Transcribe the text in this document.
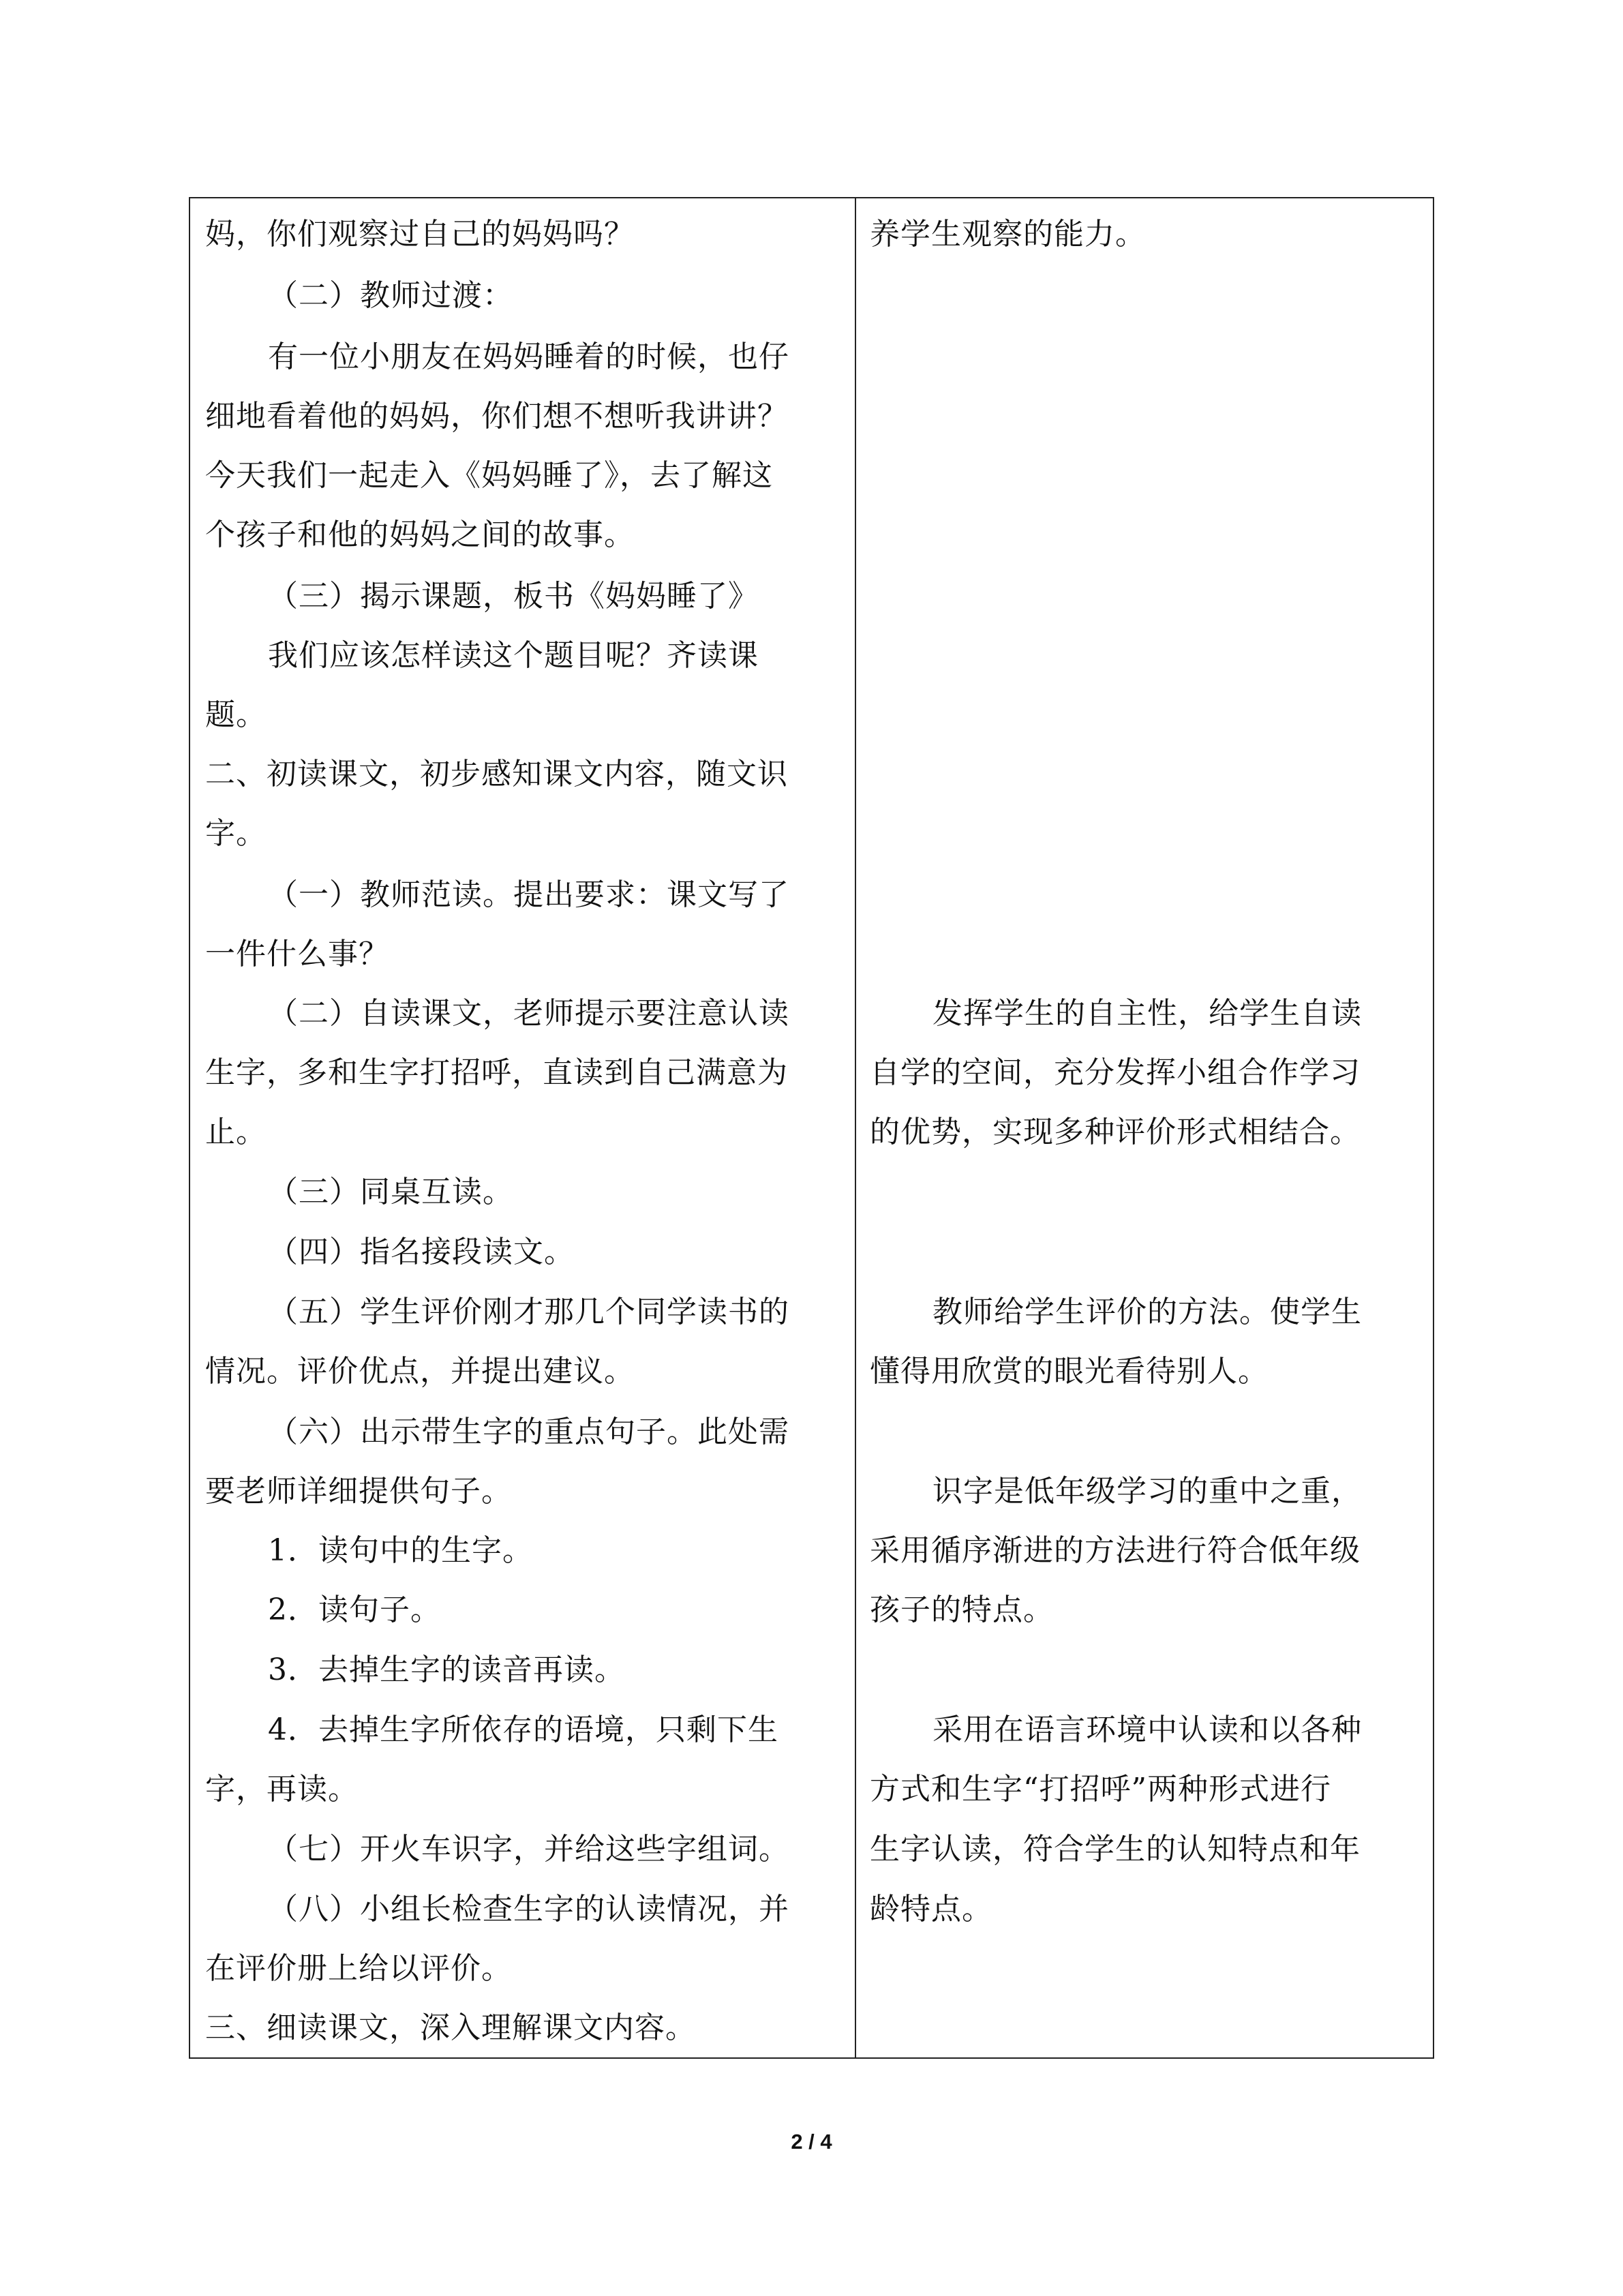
妈，你们观察过自己的妈妈吗？
（二）教师过渡：
有一位小朋友在妈妈睡着的时候，也仔
细地看着他的妈妈，你们想不想听我讲讲？
今天我们一起走入《妈妈睡了》，去了解这
个孩子和他的妈妈之间的故事。
（三）揭示课题，板书《妈妈睡了》
我们应该怎样读这个题目呢？齐读课
题。
二、初读课文，初步感知课文内容，随文识
字。
（一）教师范读。提出要求：课文写了
一件什么事？
（二）自读课文，老师提示要注意认读
生字，多和生字打招呼，直读到自己满意为
止。
（三）同桌互读。
（四）指名接段读文。
（五）学生评价刚才那几个同学读书的
情况。评价优点，并提出建议。
（六）出示带生字的重点句子。此处需
要老师详细提供句子。
1．读句中的生字。
2．读句子。
3．去掉生字的读音再读。
4．去掉生字所依存的语境，只剩下生
字，再读。
（七）开火车识字，并给这些字组词。
（八）小组长检查生字的认读情况，并
在评价册上给以评价。
三、细读课文，深入理解课文内容。
养学生观察的能力。
发挥学生的自主性，给学生自读
自学的空间，充分发挥小组合作学习
的优势，实现多种评价形式相结合。
教师给学生评价的方法。使学生
懂得用欣赏的眼光看待别人。
识字是低年级学习的重中之重，
采用循序渐进的方法进行符合低年级
孩子的特点。
采用在语言环境中认读和以各种
方式和生字“打招呼”两种形式进行
生字认读，符合学生的认知特点和年
龄特点。
2 / 4
